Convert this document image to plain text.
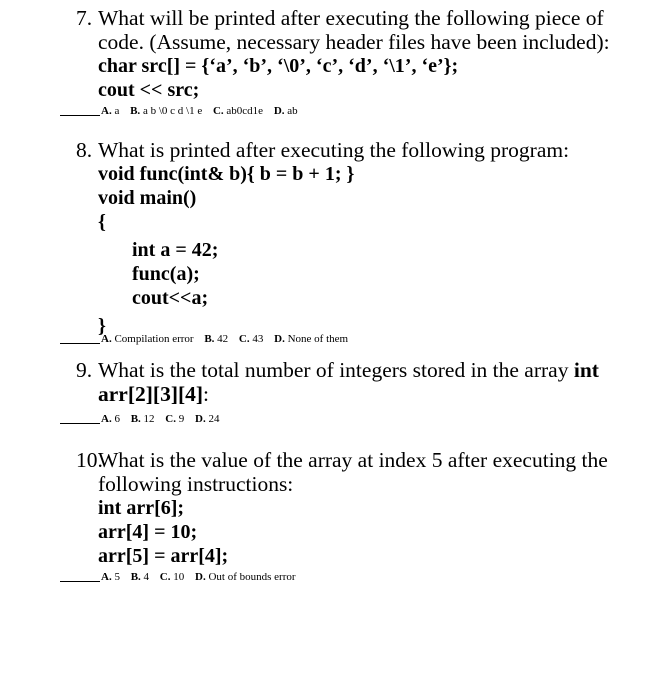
7. What will be printed after executing the following piece of
code. (Assume, necessary header files have been included):
char src[] = {‘a’, ‘b’, ‘\0’, ‘c’, ‘d’, ‘\1’, ‘e’};
cout << src;
A. a B. a b \0 c d \1 e C. ab0cd1e D. ab
8. What is printed after executing the following program:
void func(int& b){ b = b + 1; }
void main()
{
int a = 42;
func(a);
cout<<a;
}
A. Compilation error B. 42 C. 43 D. None of them
9. What is the total number of integers stored in the array int
arr[2][3][4]:
A. 6 B. 12 C. 9 D. 24
10.
What is the value of the array at index 5 after executing the
following instructions:
int arr[6];
arr[4] = 10;
arr[5] = arr[4];
A. 5 B. 4 C. 10 D. Out of bounds error
